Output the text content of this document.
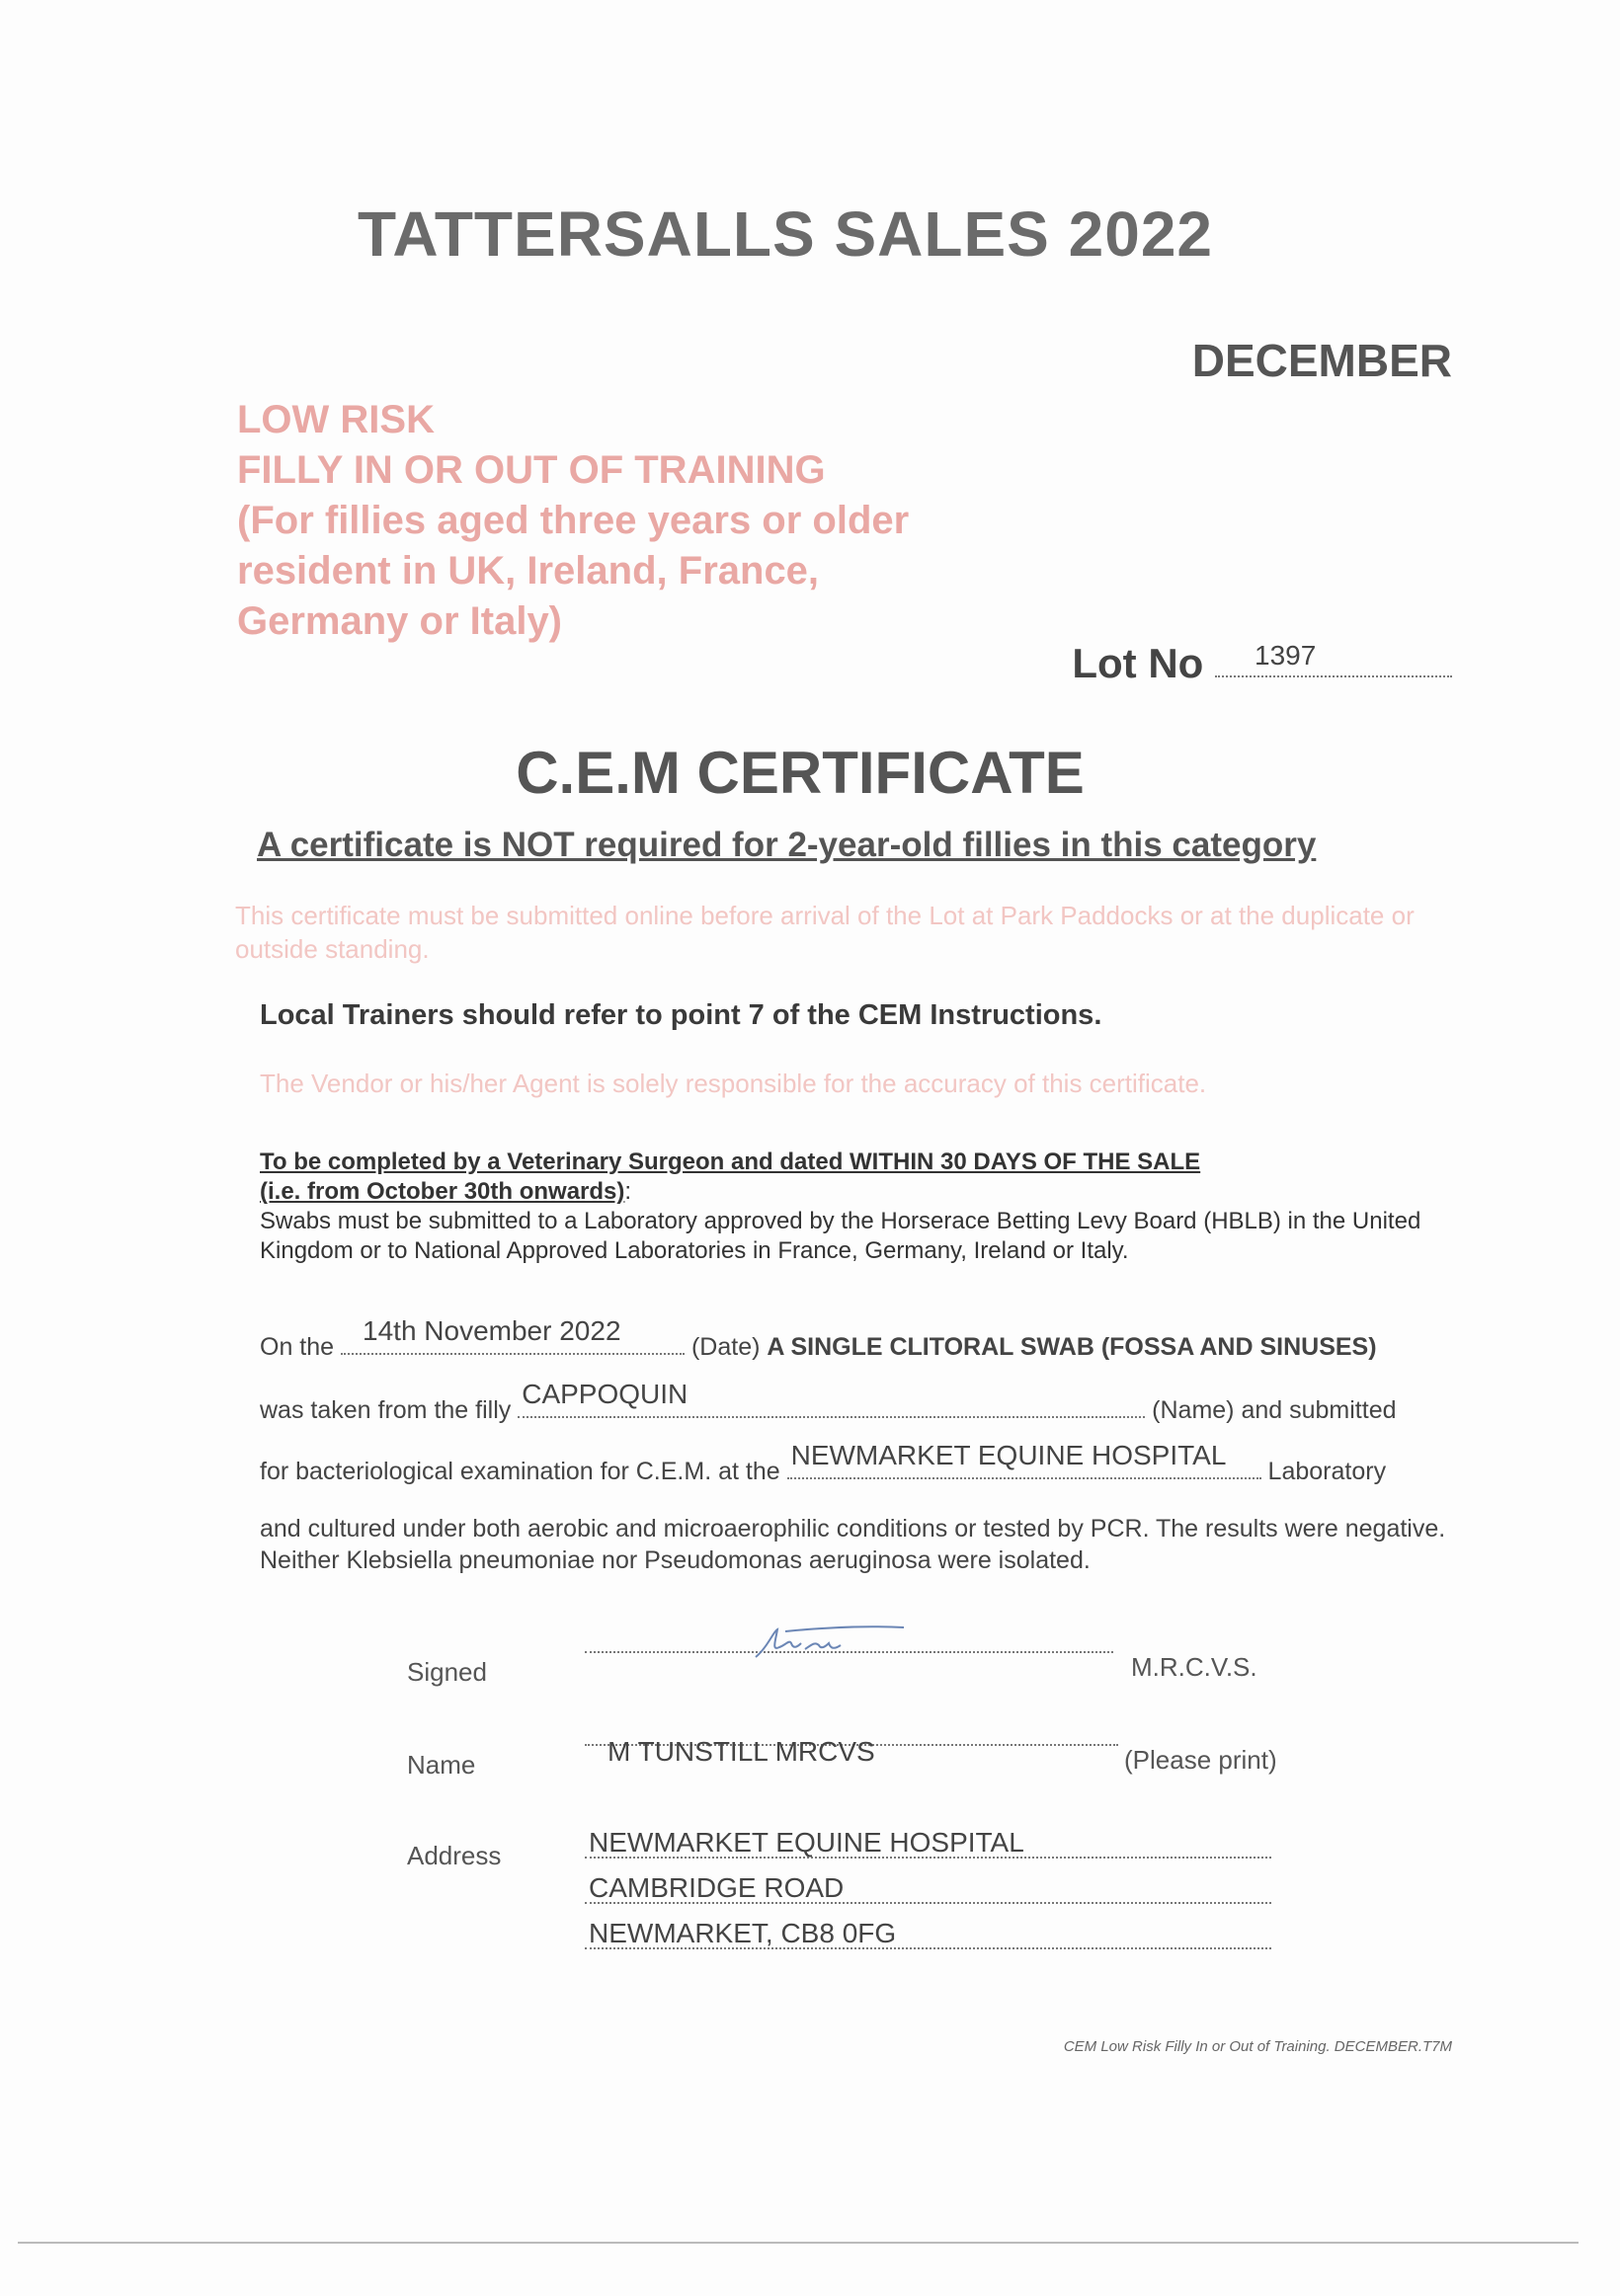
TATTERSALLS SALES 2022
DECEMBER
LOW RISK
FILLY IN OR OUT OF TRAINING
(For fillies aged three years or older
resident in UK, Ireland, France,
Germany or Italy)
Lot No 1397
C.E.M CERTIFICATE
A certificate is NOT required for 2-year-old fillies in this category
This certificate must be submitted online before arrival of the Lot at Park Paddocks or at the duplicate or outside standing.
Local Trainers should refer to point 7 of the CEM Instructions.
The Vendor or his/her Agent is solely responsible for the accuracy of this certificate.
To be completed by a Veterinary Surgeon and dated WITHIN 30 DAYS OF THE SALE
(i.e. from October 30th onwards):
Swabs must be submitted to a Laboratory approved by the Horserace Betting Levy Board (HBLB) in the United Kingdom or to National Approved Laboratories in France, Germany, Ireland or Italy.
On the
14th November 2022
(Date) A SINGLE CLITORAL SWAB (FOSSA AND SINUSES)
was taken from the filly
CAPPOQUIN
(Name) and submitted
for bacteriological examination for C.E.M. at the
NEWMARKET EQUINE HOSPITAL
Laboratory
and cultured under both aerobic and microaerophilic conditions or tested by PCR. The results were negative. Neither Klebsiella pneumoniae nor Pseudomonas aeruginosa were isolated.
Signed	M.R.C.V.S.
Name	M TUNSTILL MRCVS	(Please print)
Address	NEWMARKET EQUINE HOSPITAL
CAMBRIDGE ROAD
NEWMARKET, CB8 0FG
CEM Low Risk Filly In or Out of Training. DECEMBER.T7M
